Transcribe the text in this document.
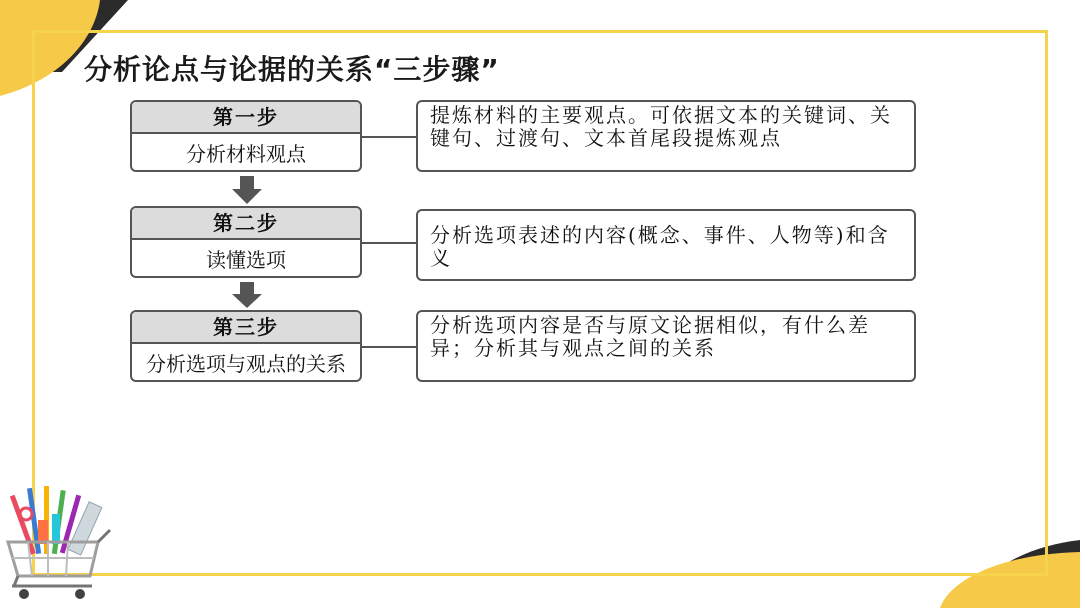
分析论点与论据的关系“三步骤”
第一步
分析材料观点
提炼材料的主要观点。可依据文本的关键词、关键句、过渡句、文本首尾段提炼观点
第二步
读懂选项
分析选项表述的内容(概念、事件、人物等)和含义
第三步
分析选项与观点的关系
分析选项内容是否与原文论据相似，有什么差异；分析其与观点之间的关系
